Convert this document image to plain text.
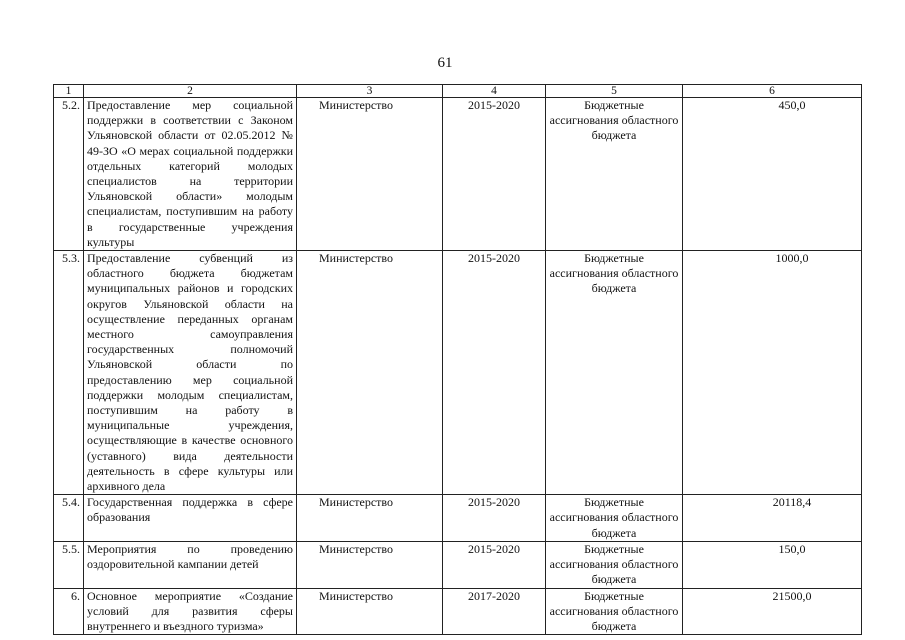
61
1	2	3	4	5	6
5.2.	Предоставление мер социальной поддержки в соответствии с Законом Ульяновской области от 02.05.2012 № 49-ЗО «О мерах социальной поддержки отдельных категорий молодых специалистов на территории Ульяновской области» молодым специалистам, поступившим на работу в государственные учреждения культуры	Министерство	2015-2020	Бюджетные ассигнования областного бюджета	450,0
5.3.	Предоставление субвенций из областного бюджета бюджетам муниципальных районов и городских округов Ульяновской области на осуществление переданных органам местного самоуправления государственных полномочий Ульяновской области по предоставлению мер социальной поддержки молодым специалистам, поступившим на работу в муниципальные учреждения, осуществляющие в качестве основного (уставного) вида деятельности деятельность в сфере культуры или архивного дела	Министерство	2015-2020	Бюджетные ассигнования областного бюджета	1000,0
5.4.	Государственная поддержка в сфере образования	Министерство	2015-2020	Бюджетные ассигнования областного бюджета	20118,4
5.5.	Мероприятия по проведению оздоровительной кампании детей	Министерство	2015-2020	Бюджетные ассигнования областного бюджета	150,0
6.	Основное мероприятие «Создание условий для развития сферы внутреннего и въездного туризма»	Министерство	2017-2020	Бюджетные ассигнования областного бюджета	21500,0
